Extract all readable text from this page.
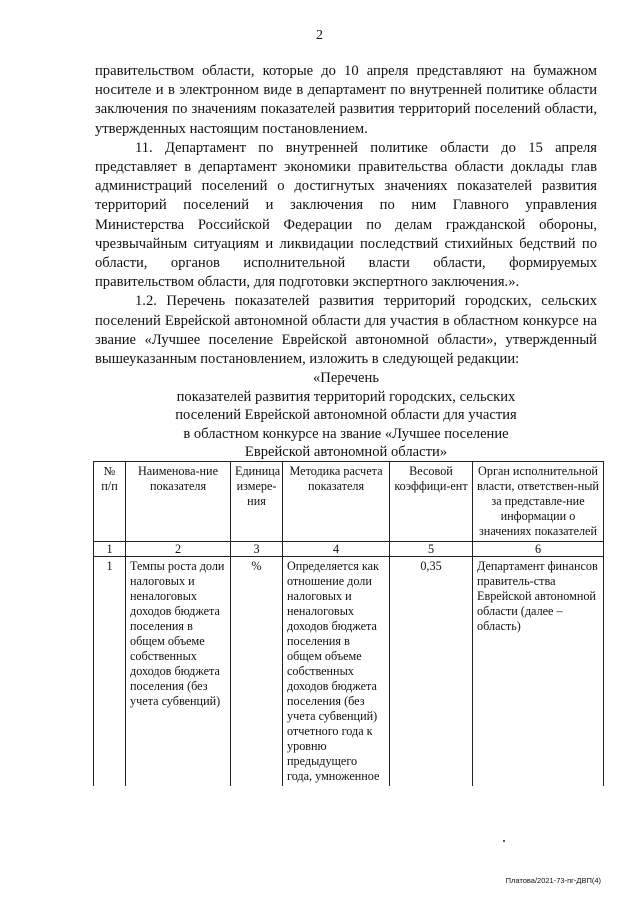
2

правительством области, которые до 10 апреля представляют на бумажном носителе и в электронном виде в департамент по внутренней политике области заключения по значениям показателей развития территорий поселений области, утвержденных настоящим постановлением.

11. Департамент по внутренней политике области до 15 апреля представляет в департамент экономики правительства области доклады глав администраций поселений о достигнутых значениях показателей развития территорий поселений и заключения по ним Главного управления Министерства Российской Федерации по делам гражданской обороны, чрезвычайным ситуациям и ликвидации последствий стихийных бедствий по области, органов исполнительной власти области, формируемых правительством области, для подготовки экспертного заключения.».

1.2. Перечень показателей развития территорий городских, сельских поселений Еврейской автономной области для участия в областном конкурсе на звание «Лучшее поселение Еврейской автономной области», утвержденный вышеуказанным постановлением, изложить в следующей редакции:

«Перечень
показателей развития территорий городских, сельских
поселений Еврейской автономной области для участия
в областном конкурсе на звание «Лучшее поселение
Еврейской автономной области»
№ п/п	Наименова-ние показателя	Единица измере-ния	Методика расчета показателя	Весовой коэффици-ент	Орган исполнительной власти, ответствен-ный за представле-ние информации о значениях показателей
1	2	3	4	5	6
1	Темпы роста доли налоговых и неналоговых доходов бюджета поселения в общем объеме собственных доходов бюджета поселения (без учета субвенций)	%	Определяется как отношение доли налоговых и неналоговых доходов бюджета поселения в общем объеме собственных доходов бюджета поселения (без учета субвенций) отчетного года к уровню предыдущего года, умноженное	0,35	Департамент финансов правитель-ства Еврейской автономной области (далее – область)
Платова/2021-73-пг-ДВП(4)
